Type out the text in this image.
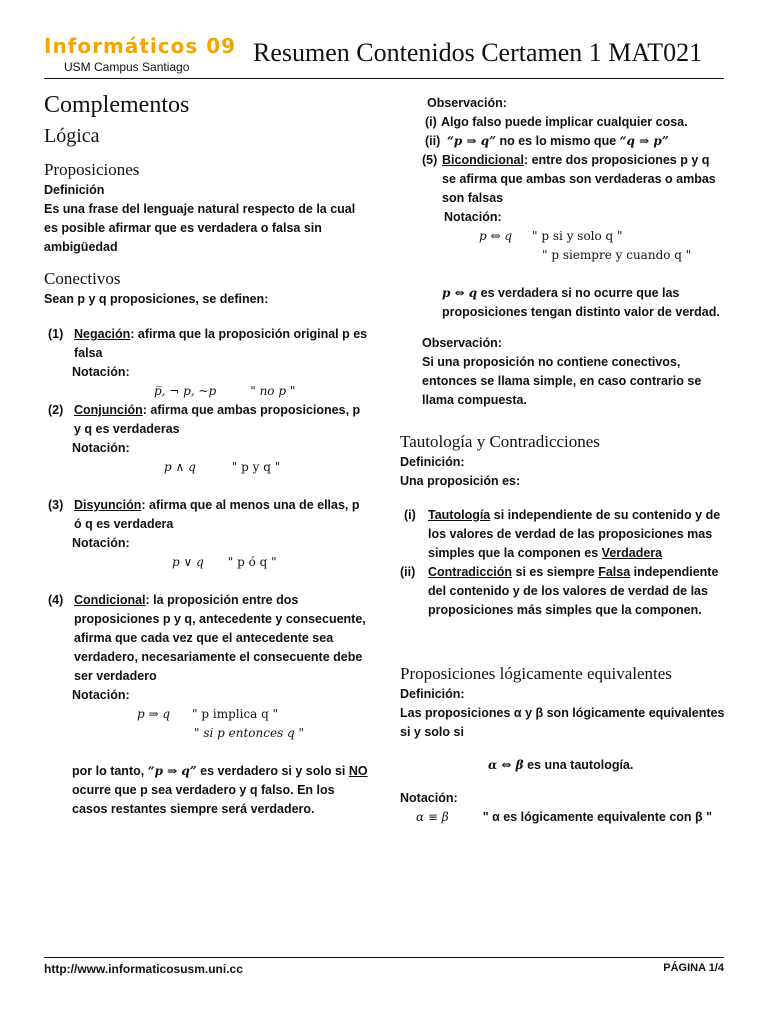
Informáticos 09
USM Campus Santiago Resumen Contenidos Certamen 1 MAT021

Complementos

Lógica

Proposiciones

Definición

Es una frase del lenguaje natural respecto de la cual es posible afirmar que es verdadera o falsa sin ambigüedad

Conectivos

Sean p y q proposiciones, se definen:

(1) Negación: afirma que la proposición original p es falsa

Notación:

p̅, ¬ p, ~p	" no p "

(2) Conjunción: afirma que ambas proposiciones, p y q es verdaderas

Notación:

p ∧ q	" p y q "

(3) Disyunción: afirma que al menos una de ellas, p ó q es verdadera

Notación:

p ∨ q " p ó q "

(4) Condicional: la proposición entre dos proposiciones p y q, antecedente y consecuente, afirma que cada vez que el antecedente sea verdadero, necesariamente el consecuente debe ser verdadero

Notación:

p ⇒ q " p implica q "

" si p entonces q "

por lo tanto, “p ⇒ q” es verdadero si y solo si NO ocurre que p sea verdadero y q falso. En los casos restantes siempre será verdadero.

Observación:

(i) Algo falso puede implicar cualquier cosa.
(ii) “p ⇒ q” no es lo mismo que “q ⇒ p”
(5) Bicondicional: entre dos proposiciones p y q se afirma que ambas son verdaderas o ambas son falsas

Notación:

p ⇔ q " p si y solo q "

" p siempre y cuando q "

p ⇔ q es verdadera si no ocurre que las proposiciones tengan distinto valor de verdad.

Observación:

Si una proposición no contiene conectivos, entonces se llama simple, en caso contrario se llama compuesta.

Tautología y Contradicciones

Definición:

Una proposición es:

(i) Tautología si independiente de su contenido y de los valores de verdad de las proposiciones mas simples que la componen es Verdadera
(ii)	Contradicción si es siempre Falsa independiente del contenido y de los valores de verdad de las proposiciones más simples que la componen.

Proposiciones lógicamente equivalentes

Definición:

Las proposiciones α y β son lógicamente equivalentes si y solo si

α ⇔ β es una tautología.

Notación:

α ≡ β	" α es lógicamente equivalente con β "

http://www.informaticosusm.uni.cc	PÁGINA 1/4
